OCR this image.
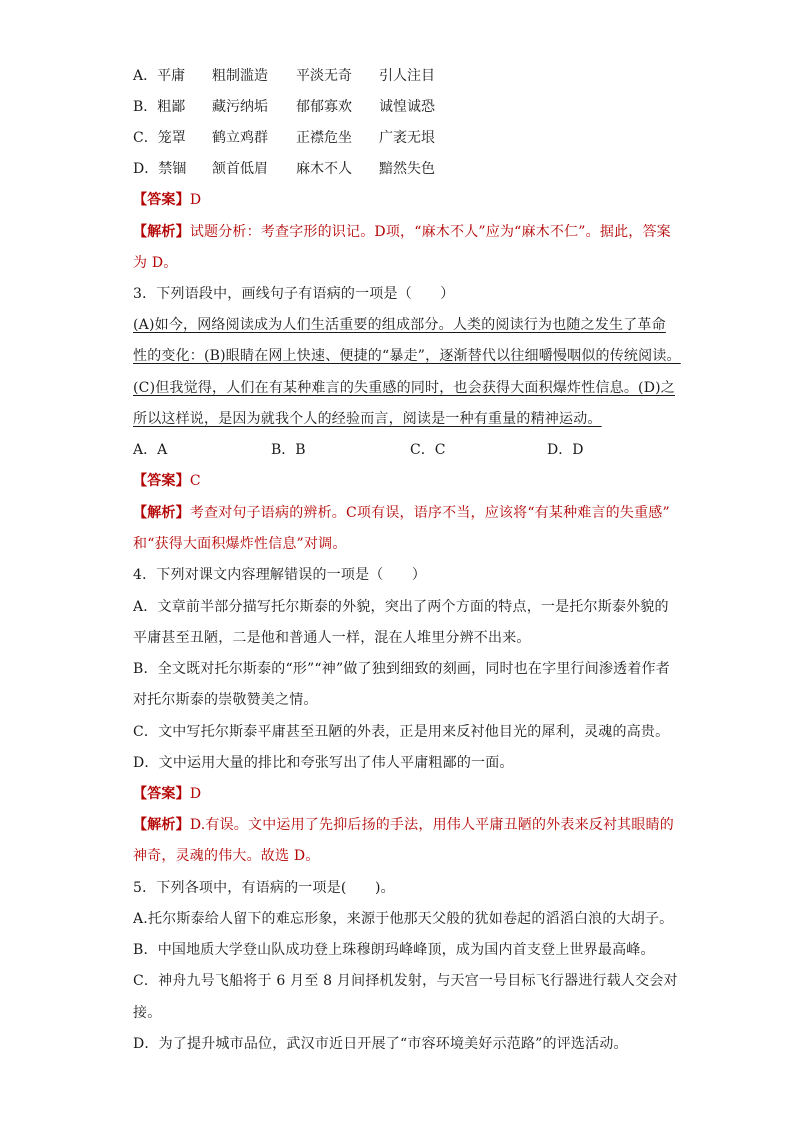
A．平庸 粗制滥造 平淡无奇 引人注目
B．粗鄙 藏污纳垢 郁郁寡欢 诚惶诚恐
C．笼罩 鹤立鸡群 正襟危坐 广袤无垠
D．禁锢 颔首低眉 麻木不人 黯然失色
【答案】D
【解析】试题分析：考查字形的识记。D项，“麻木不人”应为“麻木不仁”。据此，答案
为 D。
3．下列语段中，画线句子有语病的一项是（　　）
(A)如今，网络阅读成为人们生活重要的组成部分。人类的阅读行为也随之发生了革命
性的变化：(B)眼睛在网上快速、便捷的“暴走”，逐渐替代以往细嚼慢咽似的传统阅读。
(C)但我觉得，人们在有某种难言的失重感的同时，也会获得大面积爆炸性信息。(D)之
所以这样说，是因为就我个人的经验而言，阅读是一种有重量的精神运动。
A．A	B．B	C．C	D．D
【答案】C
【解析】考查对句子语病的辨析。C项有误，语序不当，应该将“有某种难言的失重感”
和“获得大面积爆炸性信息”对调。
4．下列对课文内容理解错误的一项是（　　）
A．文章前半部分描写托尔斯泰的外貌，突出了两个方面的特点，一是托尔斯泰外貌的
平庸甚至丑陋，二是他和普通人一样，混在人堆里分辨不出来。
B．全文既对托尔斯泰的“形”“神”做了独到细致的刻画，同时也在字里行间渗透着作者
对托尔斯泰的崇敬赞美之情。
C．文中写托尔斯泰平庸甚至丑陋的外表，正是用来反衬他目光的犀利，灵魂的高贵。
D．文中运用大量的排比和夸张写出了伟人平庸粗鄙的一面。
【答案】D
【解析】D.有误。文中运用了先抑后扬的手法，用伟人平庸丑陋的外表来反衬其眼睛的
神奇，灵魂的伟大。故选 D。
5．下列各项中，有语病的一项是(　　)。
A.托尔斯泰给人留下的难忘形象，来源于他那天父般的犹如卷起的滔滔白浪的大胡子。
B．中国地质大学登山队成功登上珠穆朗玛峰峰顶，成为国内首支登上世界最高峰。
C．神舟九号飞船将于 6 月至 8 月间择机发射，与天宫一号目标飞行器进行载人交会对
接。
D．为了提升城市品位，武汉市近日开展了“市容环境美好示范路”的评选活动。
